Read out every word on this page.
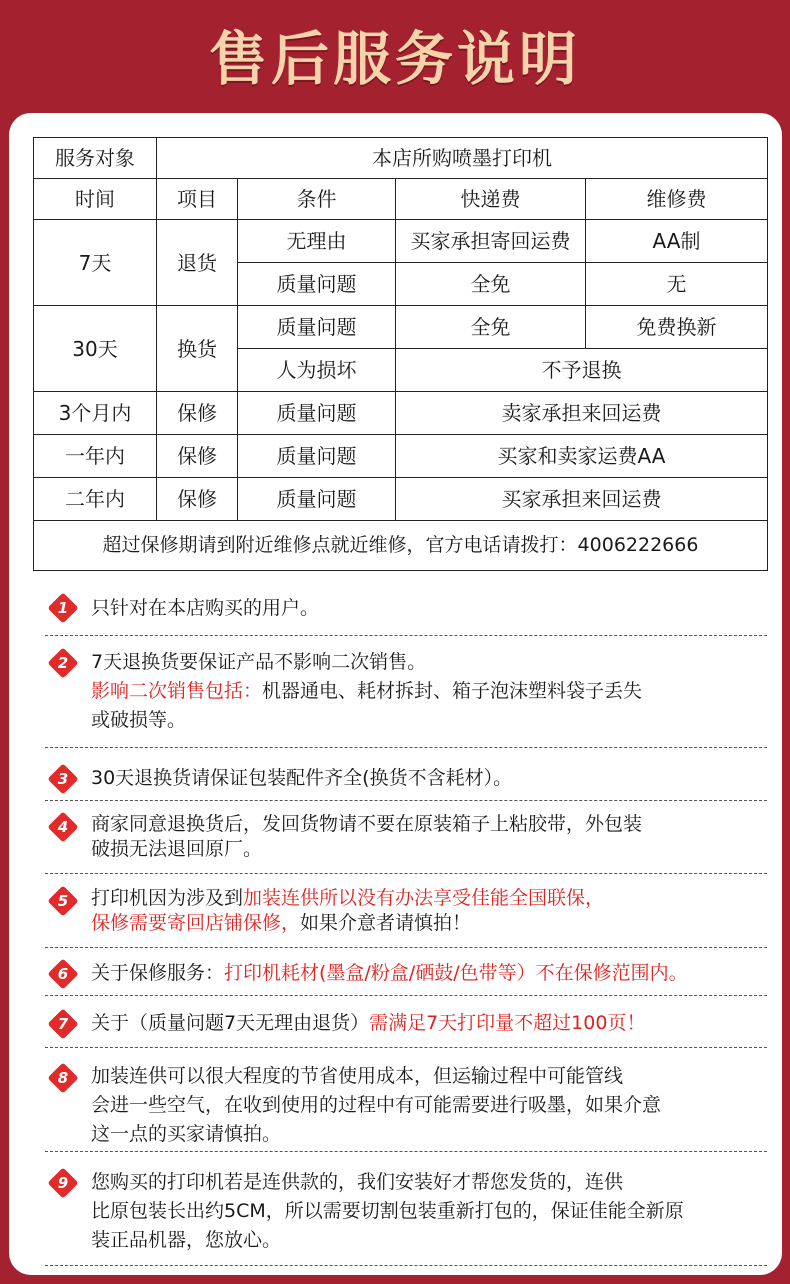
售后服务说明
服务对象	本店所购喷墨打印机			
时间	项目	条件	快递费	维修费
7天	退货	无理由	买家承担寄回运费	AA制
		质量问题	全免	无
30天	换货	质量问题	全免	免费换新
		人为损坏	不予退换	
3个月内	保修	质量问题	卖家承担来回运费	
一年内	保修	质量问题	买家和卖家运费AA	
二年内	保修	质量问题	买家承担来回运费	
超过保修期请到附近维修点就近维修，官方电话请拨打：4006222666				
1	只针对在本店购买的用户。
2	7天退换货要保证产品不影响二次销售。
影响二次销售包括：机器通电、耗材拆封、箱子泡沫塑料袋子丢失
或破损等。
3	30天退换货请保证包装配件齐全(换货不含耗材）。
4	商家同意退换货后，发回货物请不要在原装箱子上粘胶带，外包装
破损无法退回原厂。
5	打印机因为涉及到加装连供所以没有办法享受佳能全国联保，
保修需要寄回店铺保修，如果介意者请慎拍！
6	关于保修服务：打印机耗材(墨盒/粉盒/硒鼓/色带等）不在保修范围内。
7	关于（质量问题7天无理由退货）需满足7天打印量不超过100页！
8	加装连供可以很大程度的节省使用成本，但运输过程中可能管线
会进一些空气，在收到使用的过程中有可能需要进行吸墨，如果介意
这一点的买家请慎拍。
9	您购买的打印机若是连供款的，我们安装好才帮您发货的，连供
比原包装长出约5CM，所以需要切割包装重新打包的，保证佳能全新原
装正品机器，您放心。
